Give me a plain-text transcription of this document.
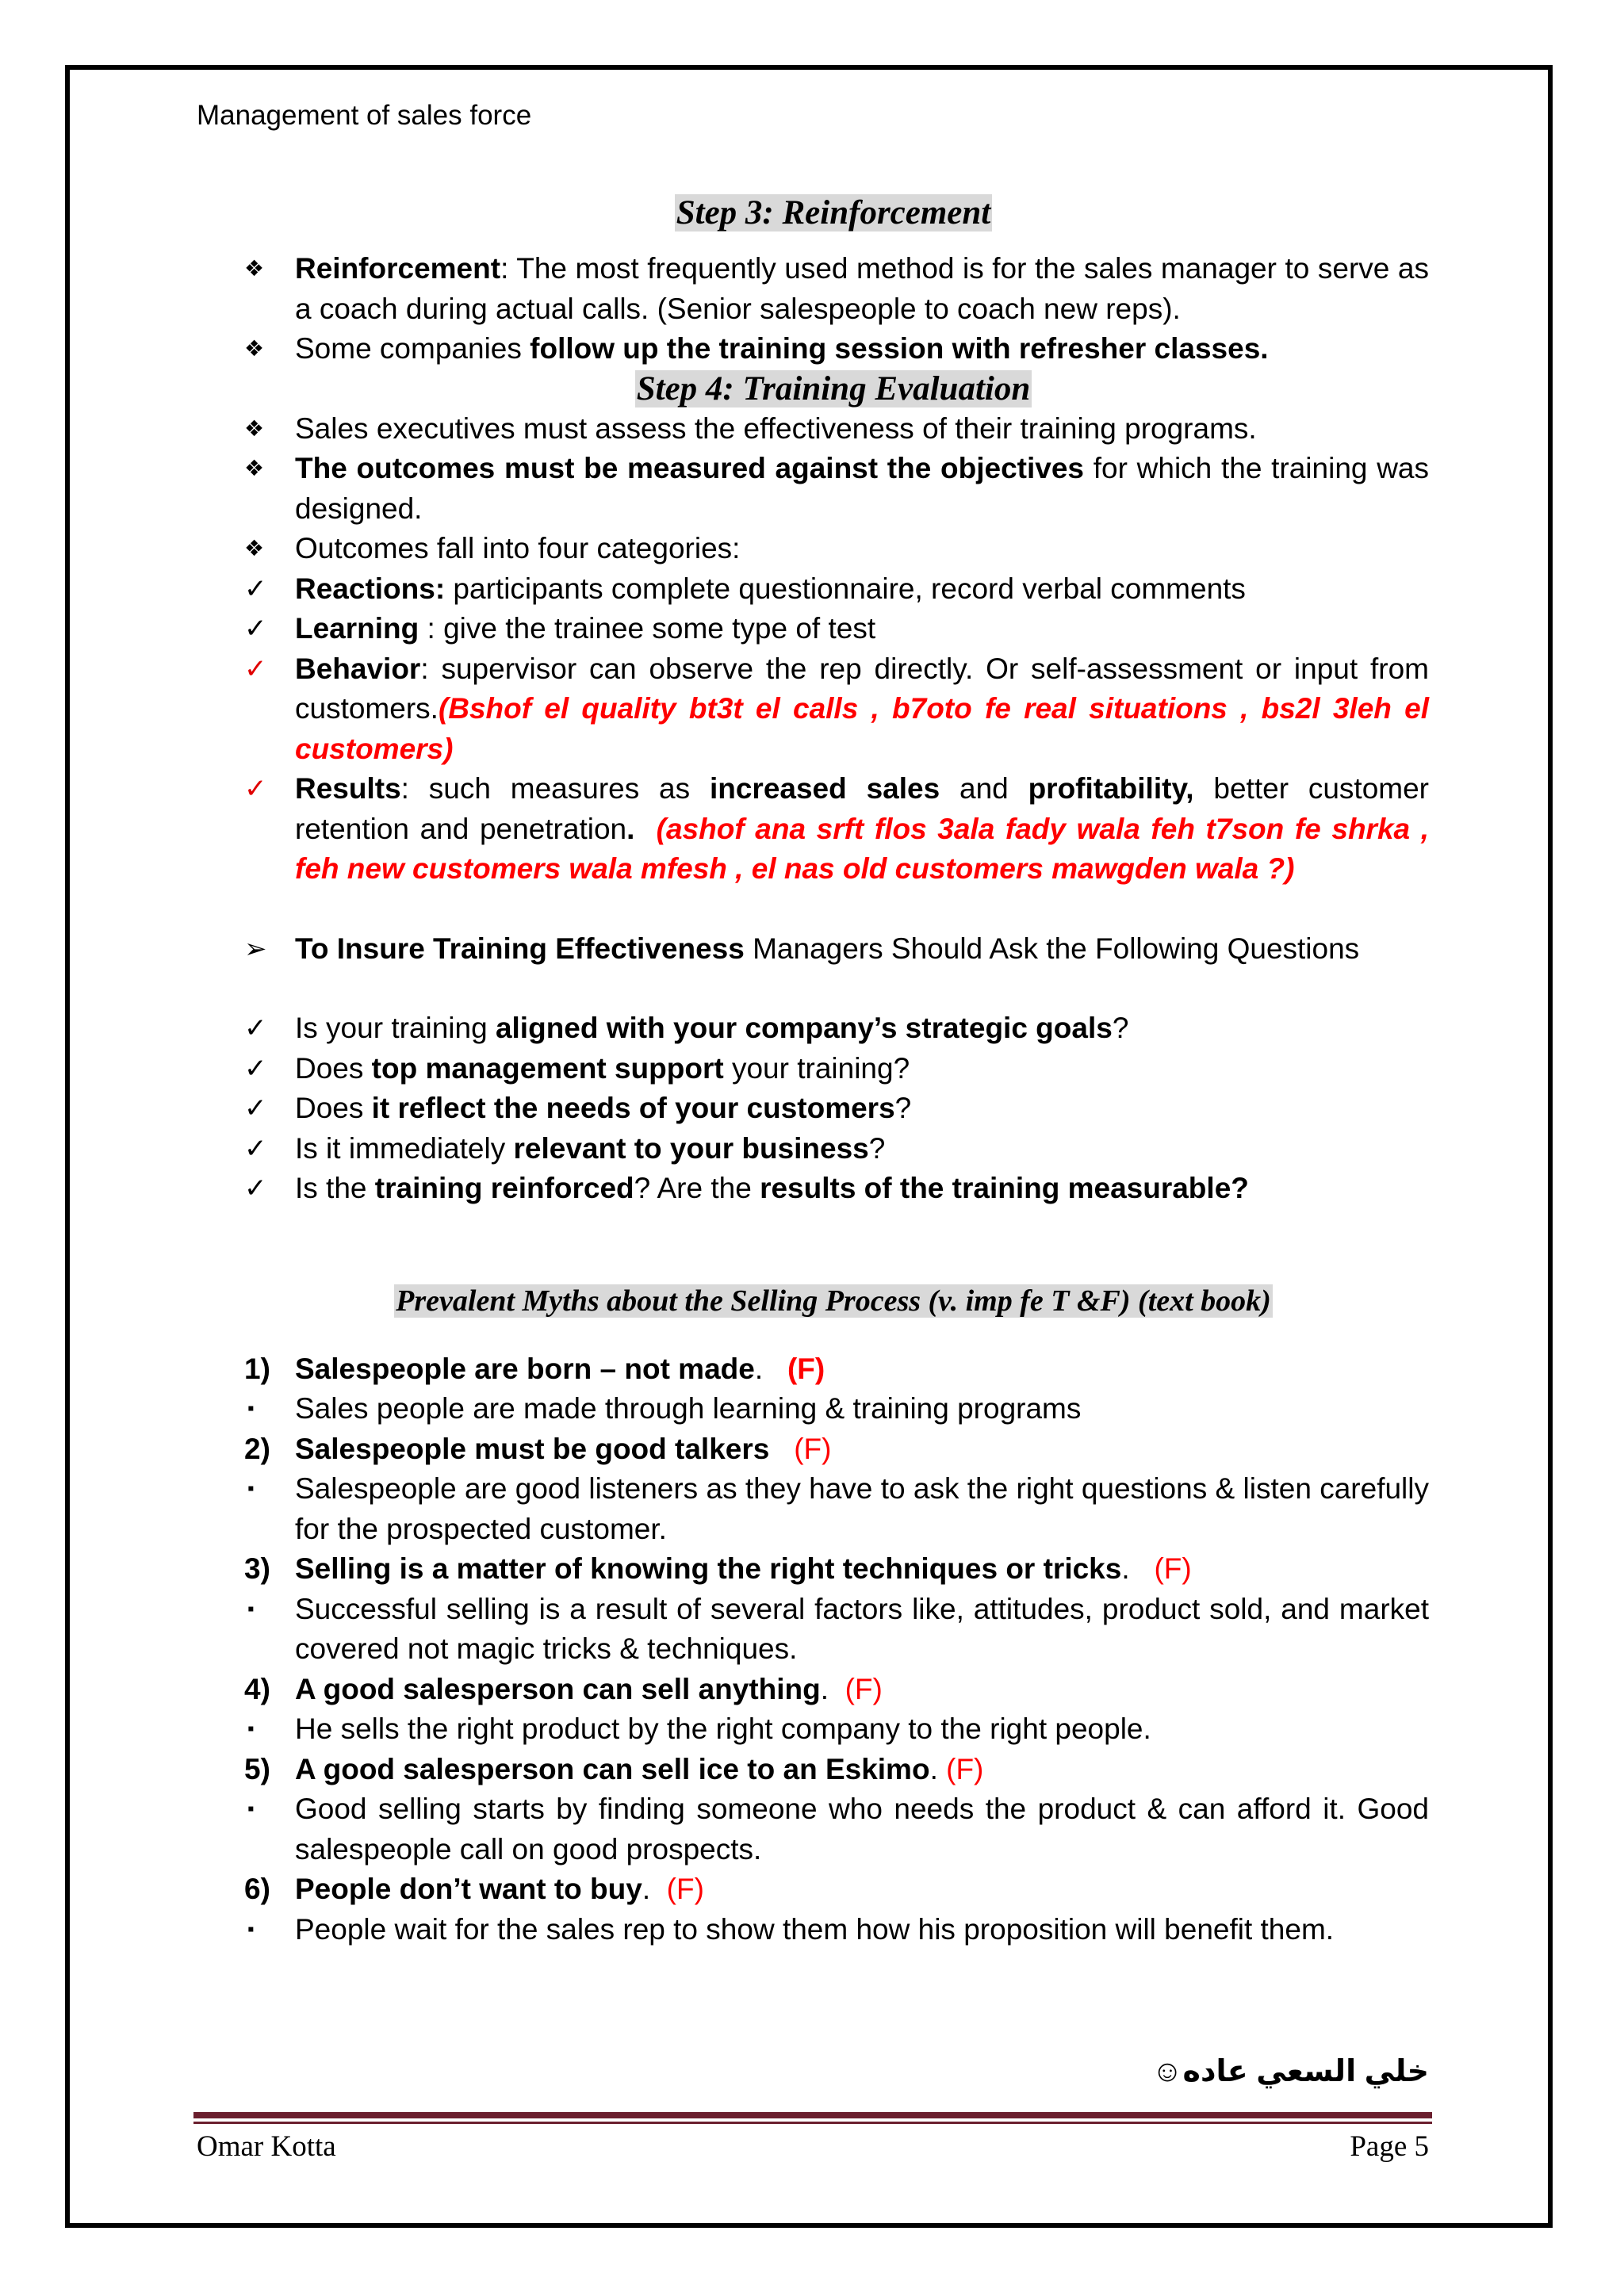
Management of sales force
Step 3: Reinforcement
❖	Reinforcement: The most frequently used method is for the sales manager to serve as a coach during actual calls. (Senior salespeople to coach new reps).
❖	Some companies follow up the training session with refresher classes.
Step 4: Training Evaluation
❖	Sales executives must assess the effectiveness of their training programs.
❖	The outcomes must be measured against the objectives for which the training was designed.
❖	Outcomes fall into four categories:
✓ Reactions: participants complete questionnaire, record verbal comments
✓ Learning : give the trainee some type of test
✓ Behavior: supervisor can observe the rep directly. Or self-assessment or input from customers.(Bshof el quality bt3t el calls , b7oto fe real situations , bs2l 3leh el customers)
✓ Results: such measures as increased sales and profitability, better customer retention and penetration. (ashof ana srft flos 3ala fady wala feh t7son fe shrka , feh new customers wala mfesh , el nas old customers mawgden wala ?)
➢ To Insure Training Effectiveness Managers Should Ask the Following Questions
✓ Is your training aligned with your company’s strategic goals?
✓ Does top management support your training?
✓ Does it reflect the needs of your customers?
✓ Is it immediately relevant to your business?
✓ Is the training reinforced? Are the results of the training measurable?
Prevalent Myths about the Selling Process (v. imp fe T &F) (text book)
1) Salespeople are born – not made. (F)
▪	Sales people are made through learning & training programs
2) Salespeople must be good talkers (F)
▪	Salespeople are good listeners as they have to ask the right questions & listen carefully for the prospected customer.
3) Selling is a matter of knowing the right techniques or tricks. (F)
▪	Successful selling is a result of several factors like, attitudes, product sold, and market covered not magic tricks & techniques.
4) A good salesperson can sell anything. (F)
▪	He sells the right product by the right company to the right people.
5) A good salesperson can sell ice to an Eskimo. (F)
▪	Good selling starts by finding someone who needs the product & can afford it. Good salespeople call on good prospects.
6) People don’t want to buy. (F)
▪	People wait for the sales rep to show them how his proposition will benefit them.
خلي السعي عاده☺
Omar Kotta	Page 5
